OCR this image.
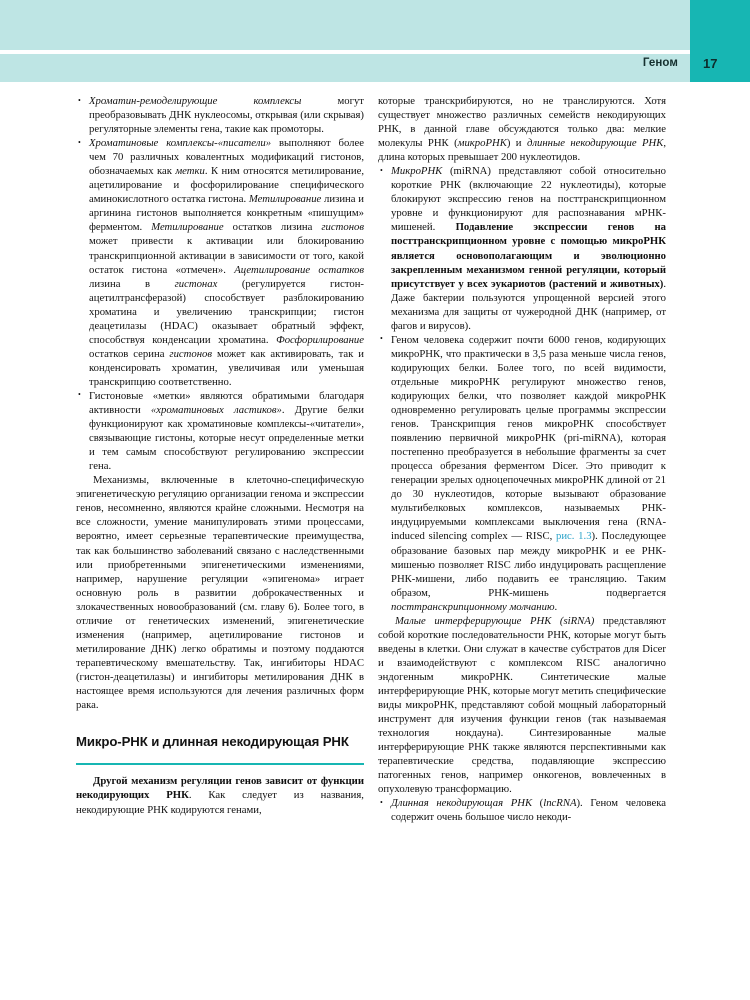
Геном 17
• Хроматин-ремоделирующие комплексы могут преобразовывать ДНК нуклеосомы, открывая (или скрывая) регуляторные элементы гена, такие как промоторы.
• Хроматиновые комплексы-«писатели» выполняют более чем 70 различных ковалентных модификаций гистонов, обозначаемых как метки. К ним относятся метилирование, ацетилирование и фосфорилирование специфического аминокислотного остатка гистона. Метилирование лизина и аргинина гистонов выполняется конкретным «пишущим» ферментом. Метилирование остатков лизина гистонов может привести к активации или блокированию транскрипционной активации в зависимости от того, какой остаток гистона «отмечен». Ацетилирование остатков лизина в гистонах (регулируется гистон-ацетилтрансферазой) способствует разблокированию хроматина и увеличению транскрипции; гистон деацетилазы (HDAC) оказывает обратный эффект, способствуя конденсации хроматина. Фосфорилирование остатков серина гистонов может как активировать, так и конденсировать хроматин, увеличивая или уменьшая транскрипцию соответственно.
• Гистоновые «метки» являются обратимыми благодаря активности «хроматиновых ластиков». Другие белки функционируют как хроматиновые комплексы-«читатели», связывающие гистоны, которые несут определенные метки и тем самым способствуют регулированию экспрессии гена.

Механизмы, включенные в клеточно-специфическую эпигенетическую регуляцию организации генома и экспрессии генов, несомненно, являются крайне сложными. Несмотря на все сложности, умение манипулировать этими процессами, вероятно, имеет серьезные терапевтические преимущества, так как большинство заболеваний связано с наследственными или приобретенными эпигенетическими изменениями, например, нарушение регуляции «эпигенома» играет основную роль в развитии доброкачественных и злокачественных новообразований (см. главу 6). Более того, в отличие от генетических изменений, эпигенетические изменения (например, ацетилирование гистонов и метилирование ДНК) легко обратимы и поэтому поддаются терапевтическому вмешательству. Так, ингибиторы HDAC (гистон-деацетилазы) и ингибиторы метилирования ДНК в настоящее время используются для лечения различных форм рака.

Микро-РНК и длинная некодирующая РНК

Другой механизм регуляции генов зависит от функции некодирующих РНК. Как следует из названия, некодирующие РНК кодируются генами,

которые транскрибируются, но не транслируются. Хотя существует множество различных семейств некодирующих РНК, в данной главе обсуждаются только два: мелкие молекулы РНК (микроРНК) и длинные некодирующие РНК, длина которых превышает 200 нуклеотидов.

• МикроРНК (miRNA) представляют собой относительно короткие РНК (включающие 22 нуклеотиды), которые блокируют экспрессию генов на посттранскрипционном уровне и функционируют для распознавания мРНК-мишеней. Подавление экспрессии генов на посттранскрипционном уровне с помощью микроРНК является основополагающим и эволюционно закрепленным механизмом генной регуляции, который присутствует у всех эукариотов (растений и животных). Даже бактерии пользуются упрощенной версией этого механизма для защиты от чужеродной ДНК (например, от фагов и вирусов).
• Геном человека содержит почти 6000 генов, кодирующих микроРНК, что практически в 3,5 раза меньше числа генов, кодирующих белки. Более того, по всей видимости, отдельные микроРНК регулируют множество генов, кодирующих белки, что позволяет каждой микроРНК одновременно регулировать целые программы экспрессии генов. Транскрипция генов микроРНК способствует появлению первичной микроРНК (pri-miRNA), которая постепенно преобразуется в небольшие фрагменты за счет процесса обрезания ферментом Dicer. Это приводит к генерации зрелых одноцепочечных микроРНК длиной от 21 до 30 нуклеотидов, которые вызывают образование мультибелковых комплексов, называемых РНК-индуцируемыми комплексами выключения гена (RNA-induced silencing complex — RISC, рис. 1.3). Последующее образование базовых пар между микроРНК и ее РНК-мишенью позволяет RISC либо индуцировать расщепление РНК-мишени, либо подавить ее трансляцию. Таким образом, РНК-мишень подвергается посттранскрипционному молчанию.

Малые интерферирующие РНК (siRNA) представляют собой короткие последовательности РНК, которые могут быть введены в клетки. Они служат в качестве субстратов для Dicer и взаимодействуют с комплексом RISC аналогично эндогенным микроРНК. Синтетические малые интерферирующие РНК, которые могут метить специфические виды микроРНК, представляют собой мощный лабораторный инструмент для изучения функции генов (так называемая технология нокдауна). Синтезированные малые интерферирующие РНК также являются перспективными как терапевтические средства, подавляющие экспрессию патогенных генов, например онкогенов, вовлеченных в опухолевую трансформацию.

• Длинная некодирующая РНК (lncRNA). Геном человека содержит очень большое число некоди-
